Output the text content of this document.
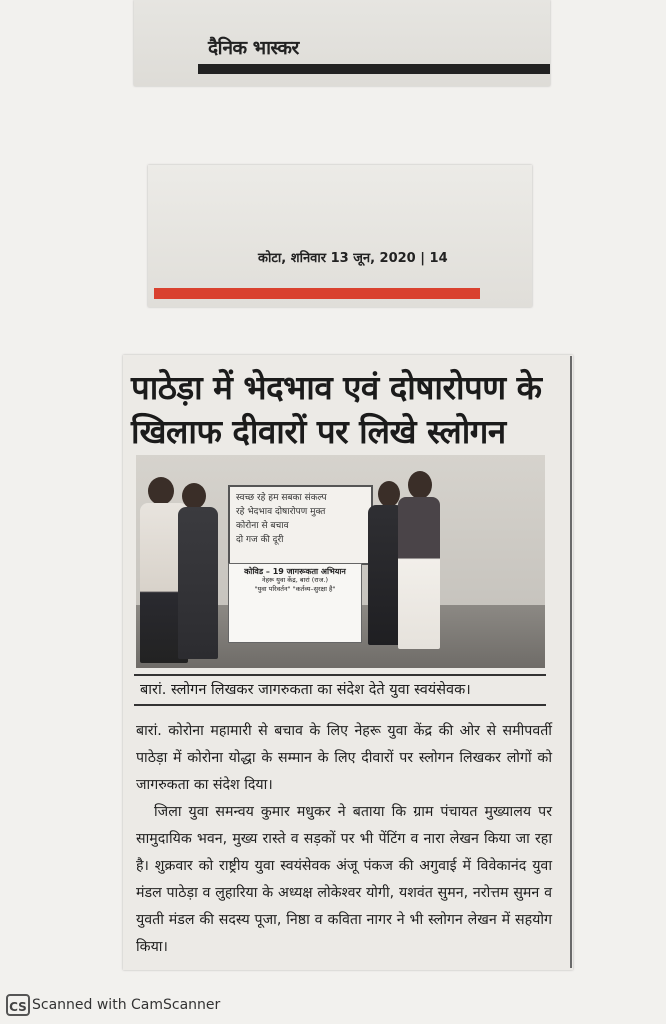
दैनिक भास्कर
कोटा, शनिवार 13 जून, 2020 | 14
पाठेड़ा में भेदभाव एवं दोषारोपण के खिलाफ दीवारों पर लिखे स्लोगन
स्वच्छ रहे हम सबका संकल्प
रहे भेदभाव दोषारोपण मुक्त
कोरोना से बचाव
दो गज की दूरी
कोविड – 19 जागरूकता अभियान
नेहरू युवा केंद्र, बारां (राज.)
"युवा परिवर्तन" "कर्तव्य–सुरक्षा है"
बारां. स्लोगन लिखकर जागरुकता का संदेश देते युवा स्वयंसेवक।

बारां. कोरोना महामारी से बचाव के लिए नेहरू युवा केंद्र की ओर से समीपवर्ती पाठेड़ा में कोरोना योद्धा के सम्मान के लिए दीवारों पर स्लोगन लिखकर लोगों को जागरुकता का संदेश दिया।

जिला युवा समन्वय कुमार मधुकर ने बताया कि ग्राम पंचायत मुख्यालय पर सामुदायिक भवन, मुख्य रास्ते व सड़कों पर भी पेंटिंग व नारा लेखन किया जा रहा है। शुक्रवार को राष्ट्रीय युवा स्वयंसेवक अंजू पंकज की अगुवाई में विवेकानंद युवा मंडल पाठेड़ा व लुहारिया के अध्यक्ष लोकेश्वर योगी, यशवंत सुमन, नरोत्तम सुमन व युवती मंडल की सदस्य पूजा, निष्ठा व कविता नागर ने भी स्लोगन लेखन में सहयोग किया।

CS Scanned with CamScanner
